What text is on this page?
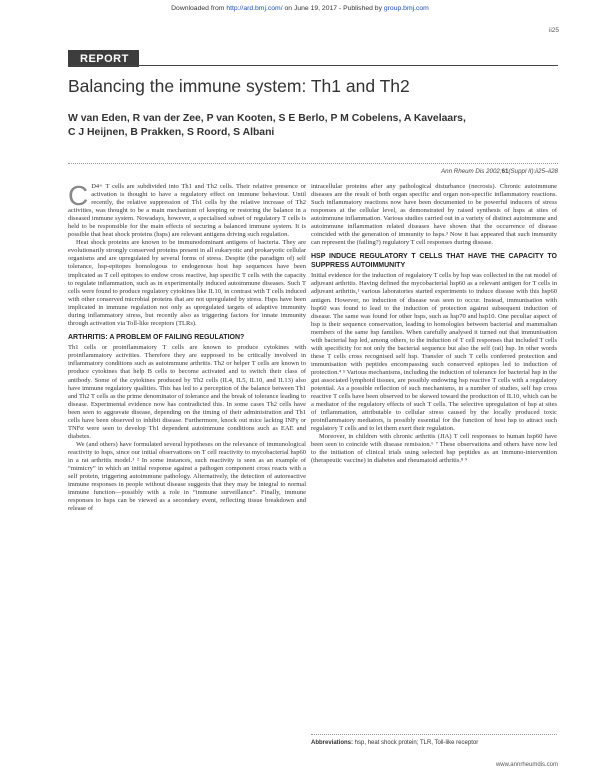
Downloaded from http://ard.bmj.com/ on June 19, 2017 - Published by group.bmj.com
ii25
REPORT
Balancing the immune system: Th1 and Th2
W van Eden, R van der Zee, P van Kooten, S E Berlo, P M Cobelens, A Kavelaars,
C J Heijnen, B Prakken, S Roord, S Albani
Ann Rheum Dis 2002;61(Suppl II):ii25–ii28

C D4+ T cells are subdivided into Th1 and Th2 cells. Their relative presence or activation is thought to have a regulatory effect on immune behaviour. Until recently, the relative suppression of Th1 cells by the relative increase of Th2 activities, was thought to be a main mechanism of keeping or restoring the balance in a diseased immune system. Nowadays, however, a specialised subset of regulatory T cells is held to be responsible for the main effects of securing a balanced immune system. It is possible that heat shock proteins (hsps) are relevant antigens driving such regulation.

Heat shock proteins are known to be immunodominant antigens of bacteria. They are evolutionarily strongly conserved proteins present in all eukaryotic and prokaryotic cellular organisms and are upregulated by several forms of stress. Despite (the paradigm of) self tolerance, hsp-epitopes homologous to endogenous host hsp sequences have been implicated as T cell epitopes to endow cross reactive, hsp specific T cells with the capacity to regulate inflammation, such as in experimentally induced autoimmune diseases. Such T cells were found to produce regulatory cytokines like IL10, in contrast with T cells induced with other conserved microbial proteins that are not upregulated by stress. Hsps have been implicated in immune regulation not only as upregulated targets of adaptive immunity during inflammatory stress, but recently also as triggering factors for innate immunity through activation via Toll-like receptors (TLRs).

ARTHRITIS: A PROBLEM OF FAILING REGULATION?

Th1 cells or proinflammatory T cells are known to produce cytokines with proinflammatory activities. Therefore they are supposed to be critically involved in inflammatory conditions such as autoimmune arthritis. Th2 or helper T cells are known to produce cytokines that help B cells to become activated and to switch their class of antibody. Some of the cytokines produced by Th2 cells (IL4, IL5, IL10, and IL13) also have immune regulatory qualities. This has led to a perception of the balance between Th1 and Th2 T cells as the prime denominator of tolerance and the break of tolerance leading to disease. Experimental evidence now has contradicted this. In some cases Th2 cells have been seen to aggravate disease, depending on the timing of their administration and Th1 cells have been observed to inhibit disease. Furthermore, knock out mice lacking INFγ or TNFα were seen to develop Th1 dependent autoimmune conditions such as EAE and diabetes.

We (and others) have formulated several hypotheses on the relevance of immunological reactivity to hsps, since our initial observations on T cell reactivity to mycobacterial hsp60 in a rat arthritis model.¹ ² In some instances, such reactivity is seen as an example of “mimicry” in which an initial response against a pathogen component cross reacts with a self protein, triggering autoimmune pathology. Alternatively, the detection of autoreactive immune responses in people without disease suggests that they may be integral to normal immune function—possibly with a role in “immune surveillance”. Finally, immune responses to hsps can be viewed as a secondary event, reflecting tissue breakdown and release of

intracellular proteins after any pathological disturbance (necrosis). Chronic autoimmune diseases are the result of both organ specific and organ non-specific inflammatory reactions. Such inflammatory reactions now have been documented to be powerful inducers of stress responses at the cellular level, as demonstrated by raised synthesis of hsps at sites of autoimmune inflammation. Various studies carried out in a variety of distinct autoimmune and autoimmune inflammation related diseases have shown that the occurrence of disease coincided with the generation of immunity to hsps.³ Now it has appeared that such immunity can represent the (failing?) regulatory T cell responses during disease.

HSP INDUCE REGULATORY T CELLS THAT HAVE THE CAPACITY TO SUPPRESS AUTOIMMUNITY

Initial evidence for the induction of regulatory T cells by hsp was collected in the rat model of adjuvant arthritis. Having defined the mycobacterial hsp60 as a relevant antigen for T cells in adjuvant arthritis,¹ various laboratories started experiments to induce disease with this hsp60 antigen. However, no induction of disease was seen to occur. Instead, immunisation with hsp60 was found to lead to the induction of protection against subsequent induction of disease. The same was found for other hsps, such as hsp70 and hsp10. One peculiar aspect of hsp is their sequence conservation, leading to homologies between bacterial and mammalian members of the same hsp families. When carefully analysed it turned out that immunisation with bacterial hsp led, among others, to the induction of T cell responses that included T cells with specificity for not only the bacterial sequence but also the self (rat) hsp. In other words these T cells cross recognised self hsp. Transfer of such T cells conferred protection and immunisation with peptides encompassing such conserved epitopes led to induction of protection.⁴ ⁵ Various mechanisms, including the induction of tolerance for bacterial hsp in the gut associated lymphoid tissues, are possibly endowing hsp reactive T cells with a regulatory potential. As a possible reflection of such mechanisms, in a number of studies, self hsp cross reactive T cells have been observed to be skewed toward the production of IL10, which can be a mediator of the regulatory effects of such T cells. The selective upregulation of hsp at sites of inflammation, attributable to cellular stress caused by the locally produced toxic proinflammatory mediators, is possibly essential for the function of host hsp to attract such regulatory T cells and to let them exert their regulation.

Moreover, in children with chronic arthritis (JIA) T cell responses to human hsp60 have been seen to coincide with disease remission.⁶ ⁷ These observations and others have now led to the initiation of clinical trials using selected hsp peptides as an immuno-intervention (therapeutic vaccine) in diabetes and rheumatoid arthritis.⁸ ⁹

Abbreviations: hsp, heat shock protein; TLR, Toll-like receptor
www.annrheumdis.com
